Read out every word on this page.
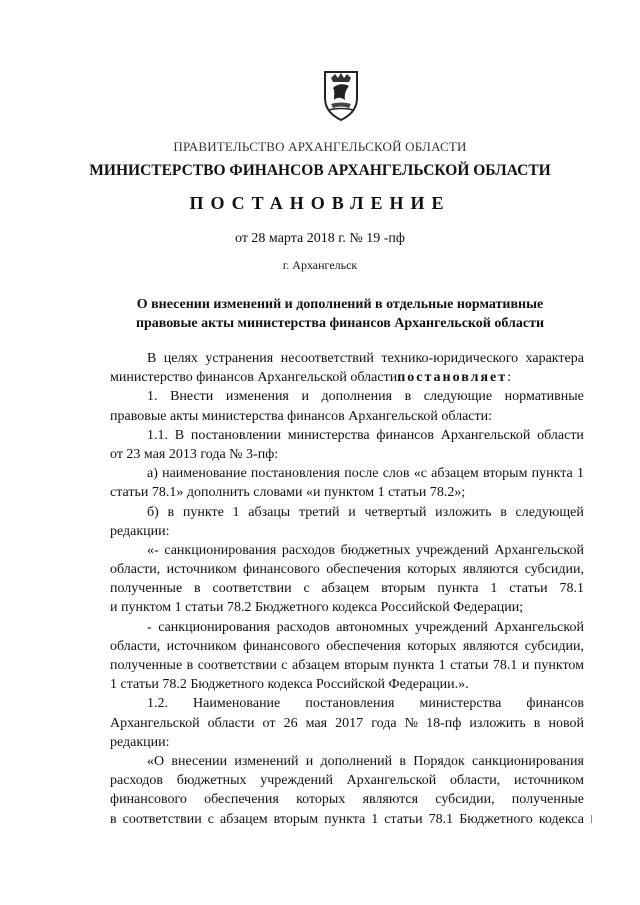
ПРАВИТЕЛЬСТВО АРХАНГЕЛЬСКОЙ ОБЛАСТИ
МИНИСТЕРСТВО ФИНАНСОВ АРХАНГЕЛЬСКОЙ ОБЛАСТИ
ПОСТАНОВЛЕНИЕ
от 28 марта 2018 г. № 19 -пф
г. Архангельск
О внесении изменений и дополнений в отдельные нормативные
правовые акты министерства финансов Архангельской области
В целях устранения несоответствий технико-юридического характера
министерство финансов Архангельской области постановляет :
1. Внести изменения и дополнения в следующие нормативные
правовые акты министерства финансов Архангельской области:
1.1. В постановлении министерства финансов Архангельской области
от 23 мая 2013 года № 3-пф:
а) наименование постановления после слов «с абзацем вторым пункта 1
статьи 78.1» дополнить словами «и пунктом 1 статьи 78.2»;
б) в пункте 1 абзацы третий и четвертый изложить в следующей
редакции:
«- санкционирования расходов бюджетных учреждений Архангельской
области, источником финансового обеспечения которых являются субсидии,
полученные в соответствии с абзацем вторым пункта 1 статьи 78.1
и пунктом 1 статьи 78.2 Бюджетного кодекса Российской Федерации;
- санкционирования расходов автономных учреждений Архангельской
области, источником финансового обеспечения которых являются субсидии,
полученные в соответствии с абзацем вторым пункта 1 статьи 78.1 и пунктом
1 статьи 78.2 Бюджетного кодекса Российской Федерации.».
1.2. Наименование постановления министерства финансов
Архангельской области от 26 мая 2017 года № 18-пф изложить в новой
редакции:
«О внесении изменений и дополнений в Порядок санкционирования
расходов бюджетных учреждений Архангельской области, источником
финансового обеспечения которых являются субсидии, полученные
в соответствии с абзацем вторым пункта 1 статьи 78.1 Бюджетного кодекса
